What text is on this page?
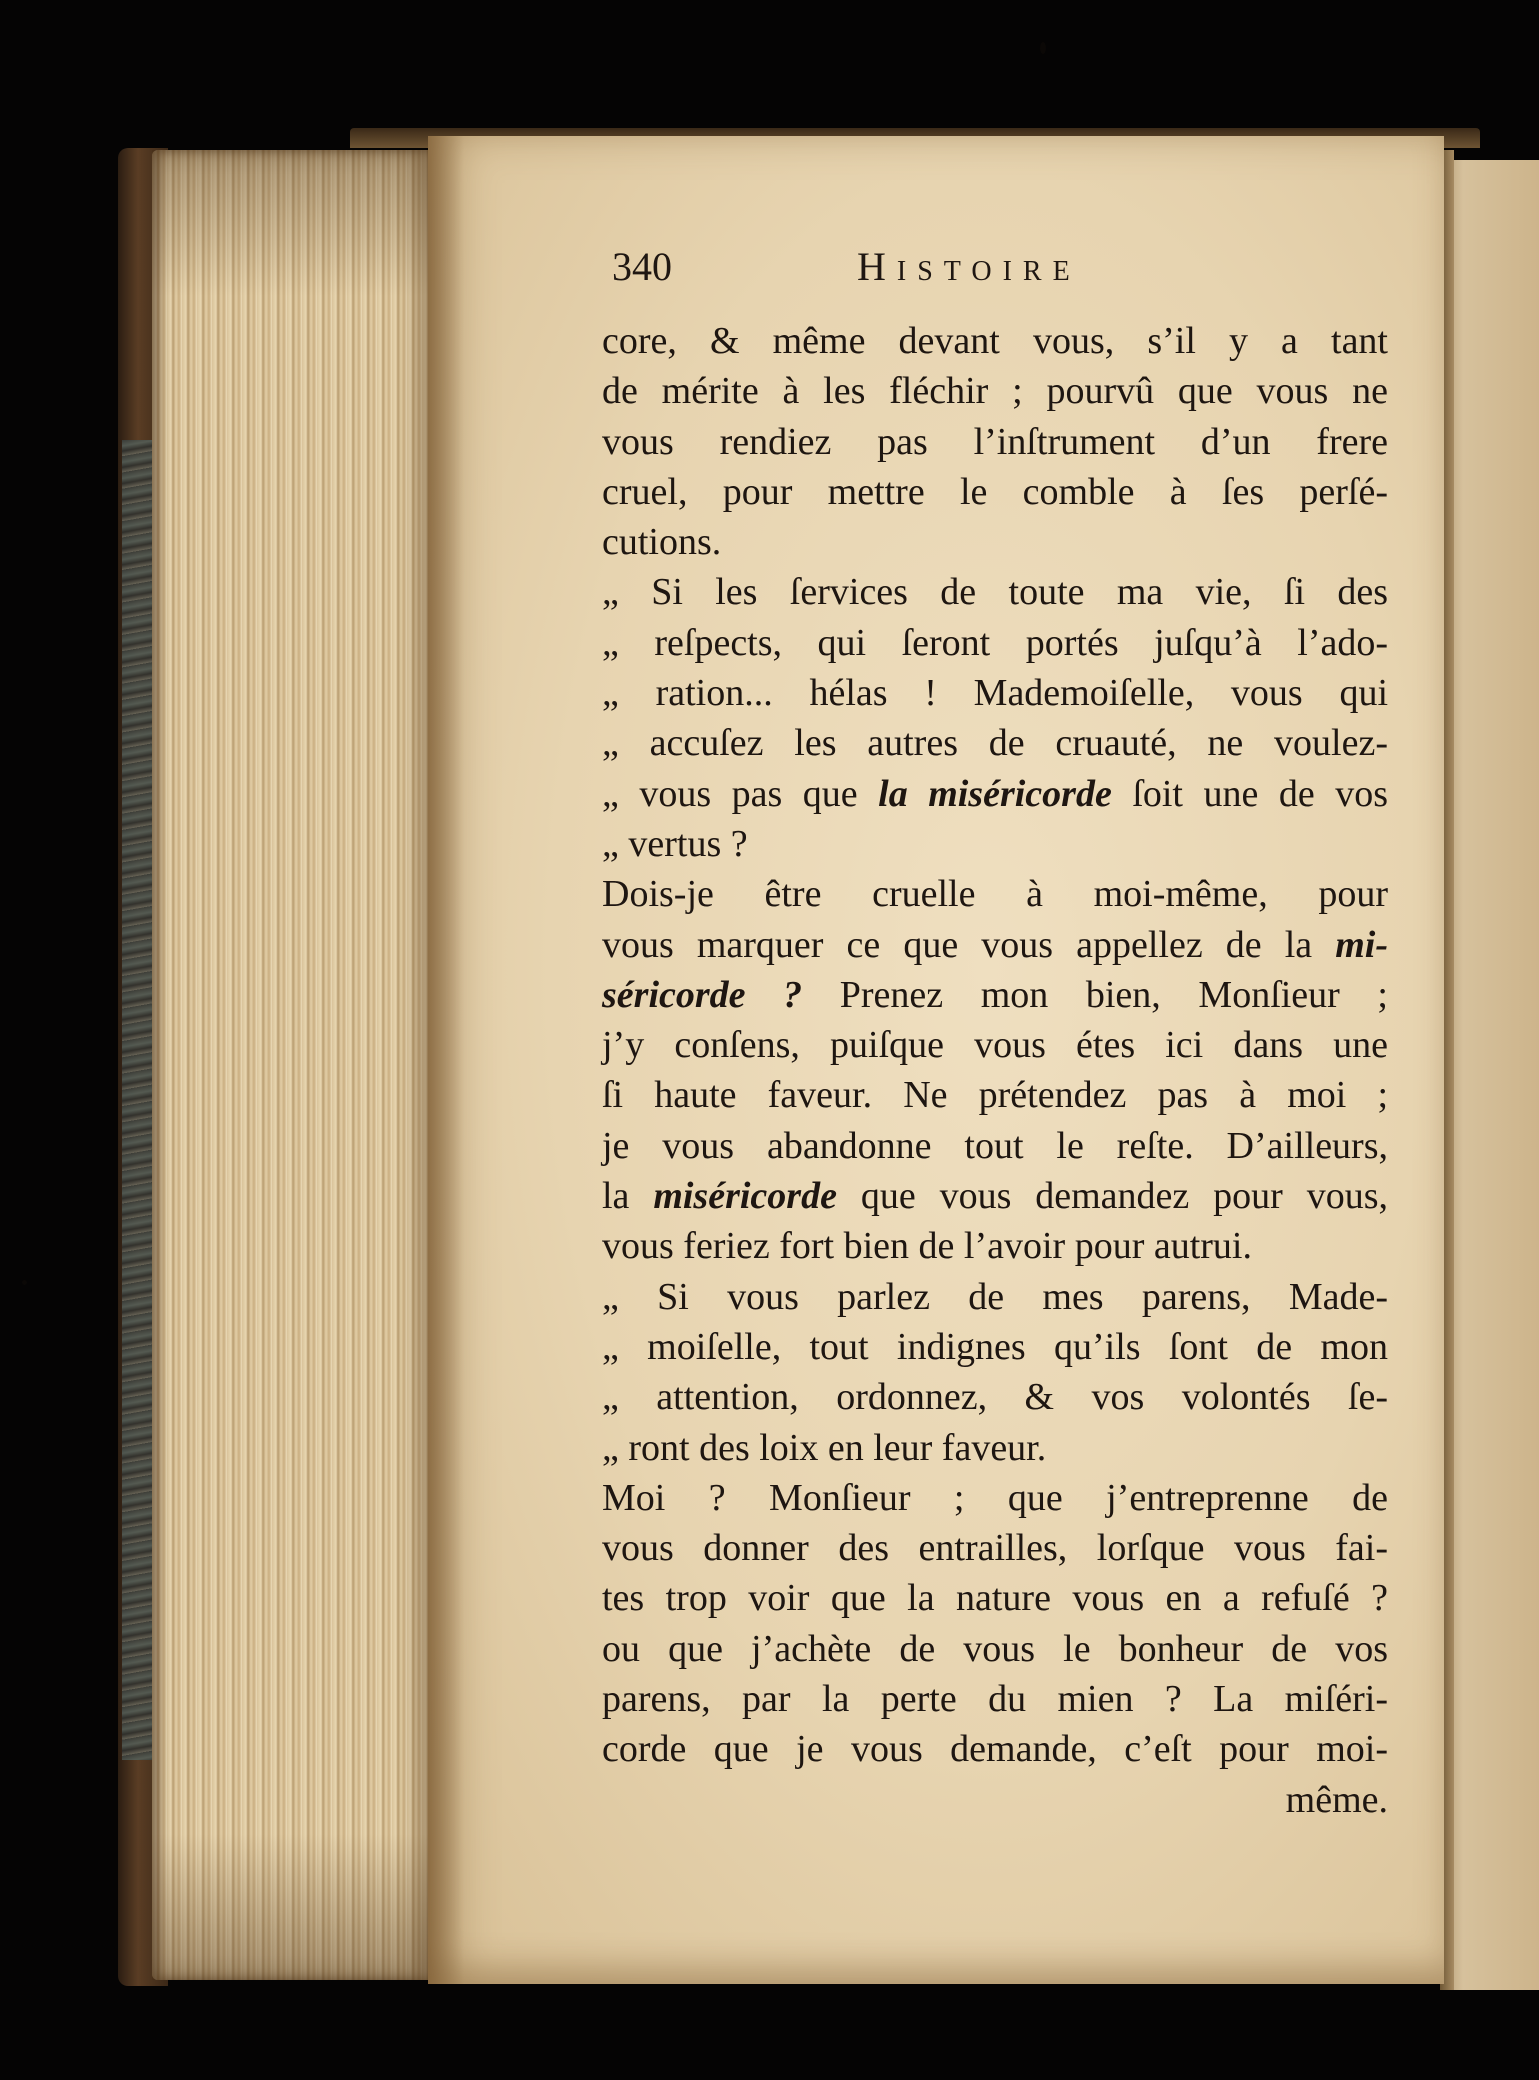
340	Histoire
core, & même devant vous, s’il y a tant
de mérite à les fléchir ; pourvû que vous ne
vous rendiez pas l’inſtrument d’un frere
cruel, pour mettre le comble à ſes perſé-
cutions.
„ Si les ſervices de toute ma vie, ſi des
„ reſpects, qui ſeront portés juſqu’à l’ado-
„ ration... hélas ! Mademoiſelle, vous qui
„ accuſez les autres de cruauté, ne voulez-
„ vous pas que la miséricorde ſoit une de vos
„ vertus ?
Dois-je être cruelle à moi-même, pour
vous marquer ce que vous appellez de la mi-
séricorde ? Prenez mon bien, Monſieur ;
j’y conſens, puiſque vous étes ici dans une
ſi haute faveur. Ne prétendez pas à moi ;
je vous abandonne tout le reſte. D’ailleurs,
la miséricorde que vous demandez pour vous,
vous feriez fort bien de l’avoir pour autrui.
„ Si vous parlez de mes parens, Made-
„ moiſelle, tout indignes qu’ils ſont de mon
„ attention, ordonnez, & vos volontés ſe-
„ ront des loix en leur faveur.
Moi ? Monſieur ; que j’entreprenne de
vous donner des entrailles, lorſque vous fai-
tes trop voir que la nature vous en a refuſé ?
ou que j’achète de vous le bonheur de vos
parens, par la perte du mien ? La miſéri-
corde que je vous demande, c’eſt pour moi-
même.
